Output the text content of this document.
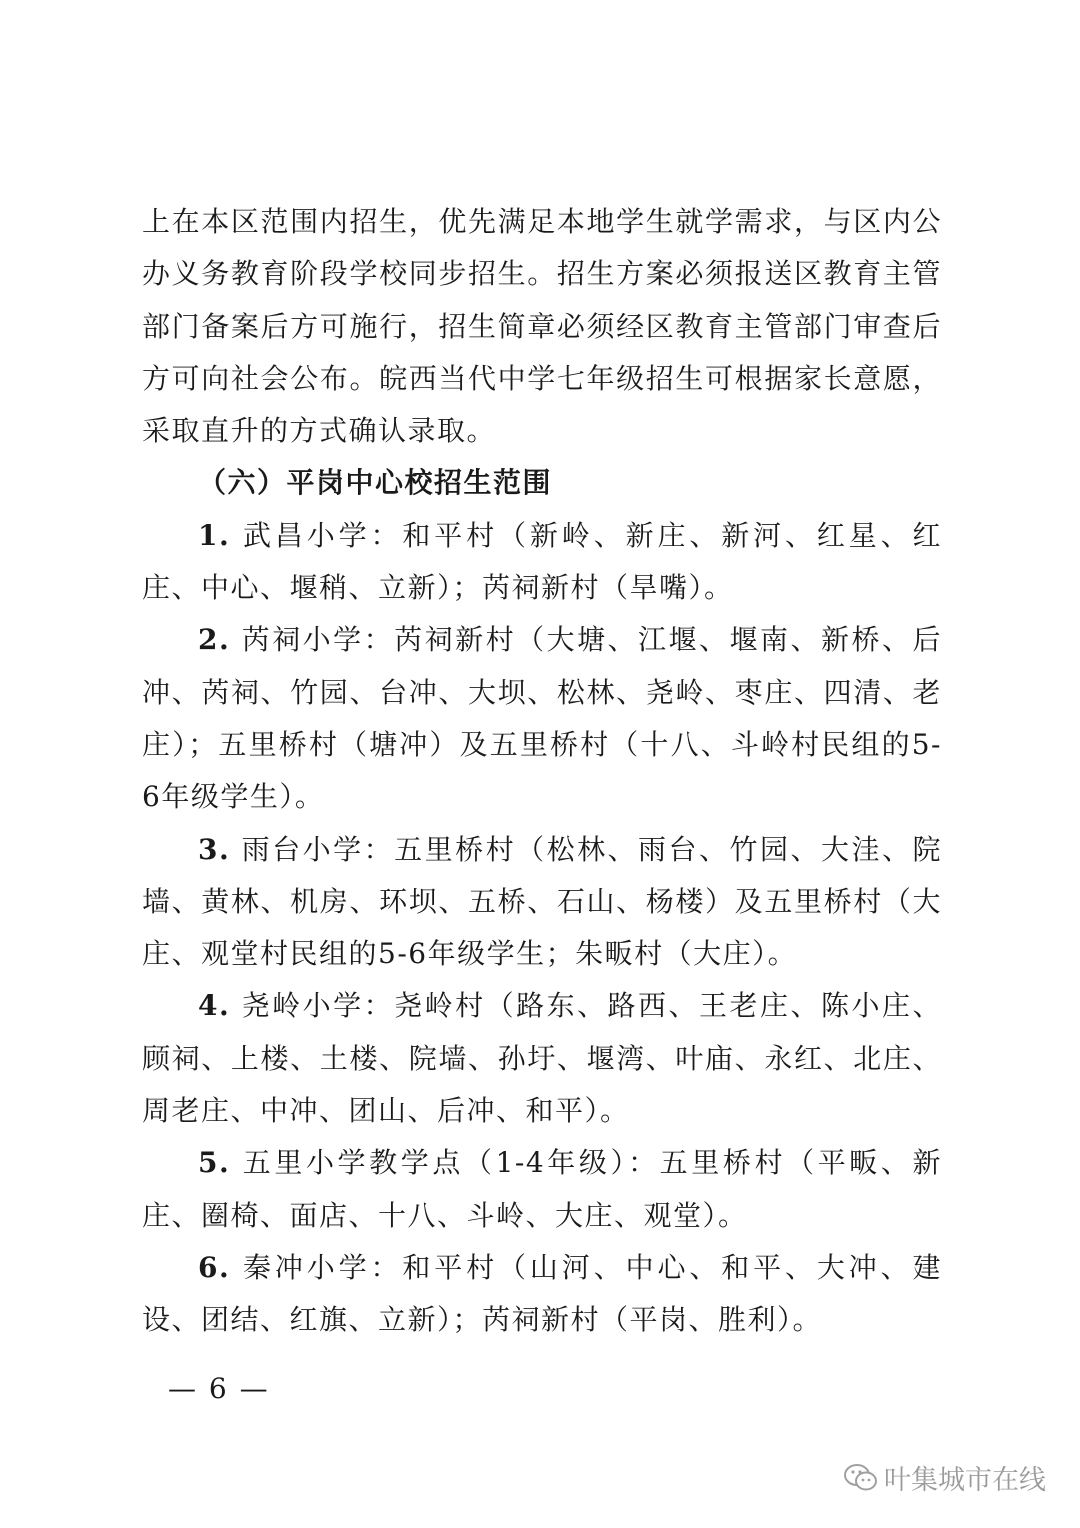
上在本区范围内招生，优先满足本地学生就学需求，与区内公办义务教育阶段学校同步招生。招生方案必须报送区教育主管部门备案后方可施行，招生简章必须经区教育主管部门审查后方可向社会公布。皖西当代中学七年级招生可根据家长意愿，采取直升的方式确认录取。

（六）平岗中心校招生范围

1. 武昌小学：和平村（新岭、新庄、新河、红星、红庄、中心、堰稍、立新）；芮祠新村（旱嘴）。

2. 芮祠小学：芮祠新村（大塘、江堰、堰南、新桥、后冲、芮祠、竹园、台冲、大坝、松林、尧岭、枣庄、四清、老庄）；五里桥村（塘冲）及五里桥村（十八、斗岭村民组的5-6年级学生）。

3. 雨台小学：五里桥村（松林、雨台、竹园、大洼、院墙、黄林、机房、环坝、五桥、石山、杨楼）及五里桥村（大庄、观堂村民组的5-6年级学生；朱畈村（大庄）。

4. 尧岭小学：尧岭村（路东、路西、王老庄、陈小庄、顾祠、上楼、土楼、院墙、孙圩、堰湾、叶庙、永红、北庄、周老庄、中冲、团山、后冲、和平）。

5. 五里小学教学点（1-4年级）：五里桥村（平畈、新庄、圈椅、面店、十八、斗岭、大庄、观堂）。

6. 秦冲小学：和平村（山河、中心、和平、大冲、建设、团结、红旗、立新）；芮祠新村（平岗、胜利）。

— 6 —
叶集城市在线
